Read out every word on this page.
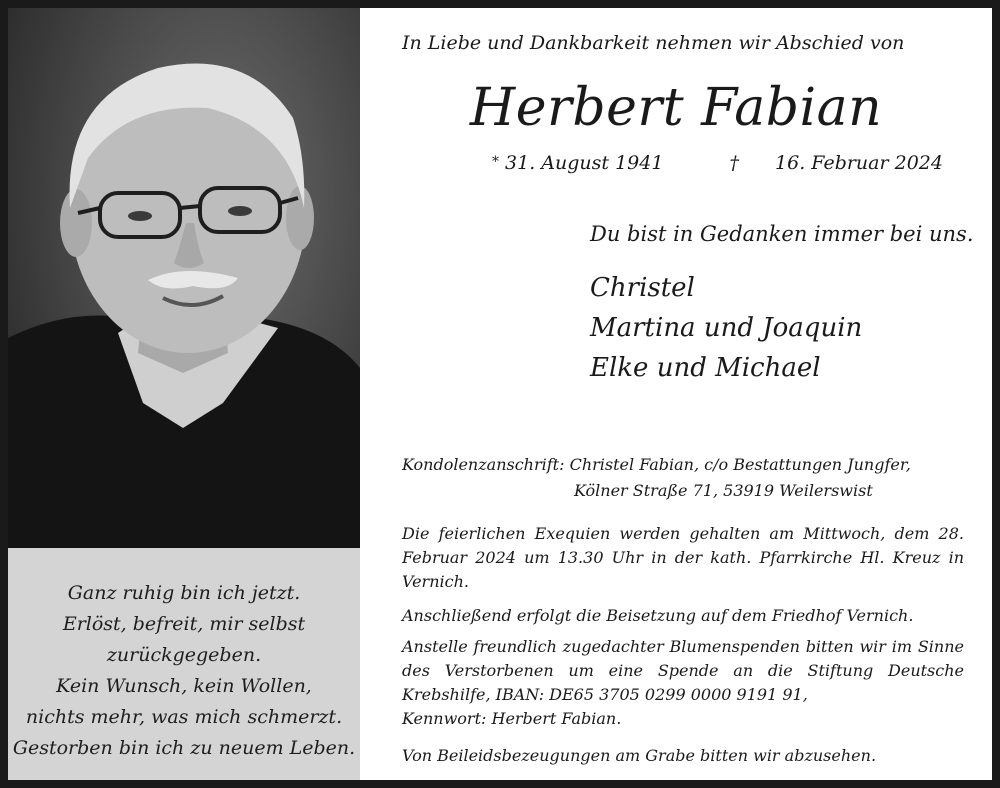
Ganz ruhig bin ich jetzt.
Erlöst, befreit, mir selbst
zurückgegeben.
Kein Wunsch, kein Wollen,
nichts mehr, was mich schmerzt.
Gestorben bin ich zu neuem Leben.
In Liebe und Dankbarkeit nehmen wir Abschied von
Herbert Fabian
* 31. August 1941	† 16. Februar 2024
Du bist in Gedanken immer bei uns.
Christel
Martina und Joaquin
Elke und Michael
Kondolenzanschrift: Christel Fabian, c/o Bestattungen Jungfer,
Kölner Straße 71, 53919 Weilerswist
Die feierlichen Exequien werden gehalten am Mittwoch, dem 28. Februar 2024 um 13.30 Uhr in der kath. Pfarrkirche Hl. Kreuz in Vernich.
Anschließend erfolgt die Beisetzung auf dem Friedhof Vernich.
Anstelle freundlich zugedachter Blumenspenden bitten wir im Sinne des Verstorbenen um eine Spende an die Stiftung Deutsche Krebshilfe, IBAN: DE65 3705 0299 0000 9191 91,
Kennwort: Herbert Fabian.
Von Beileidsbezeugungen am Grabe bitten wir abzusehen.
